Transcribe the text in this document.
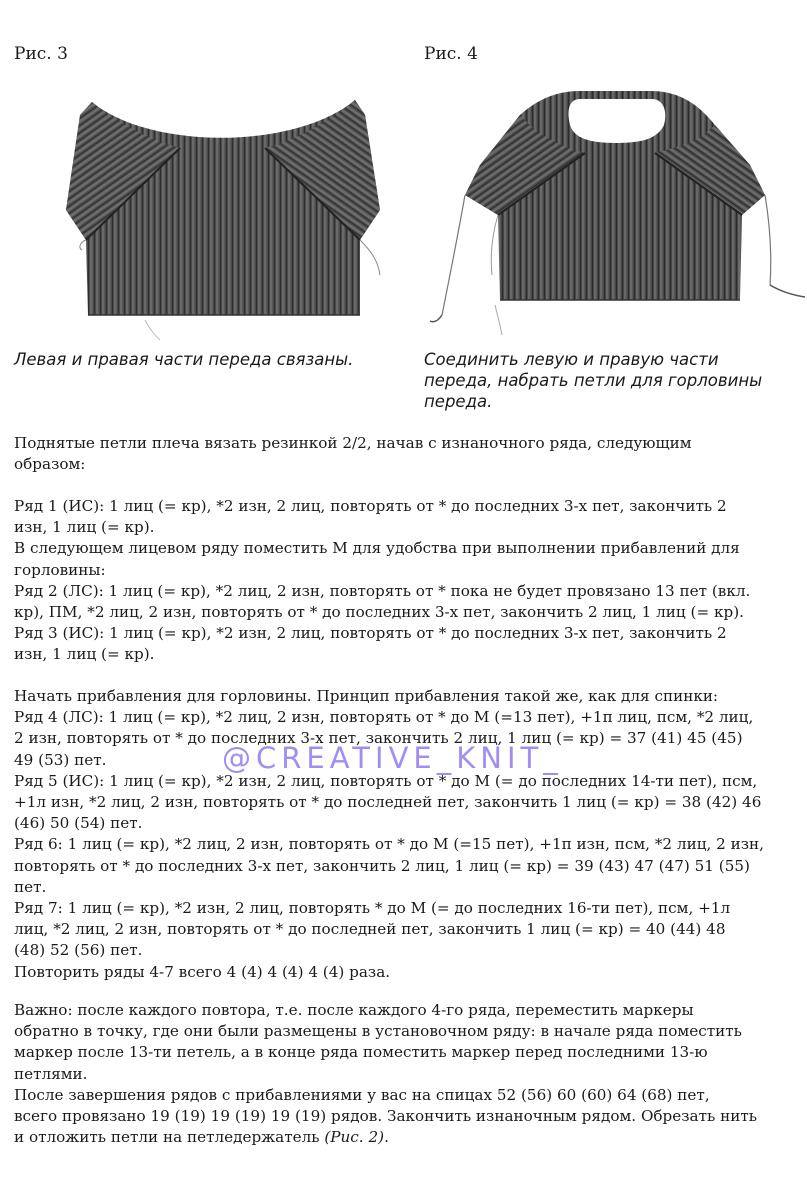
Рис. 3	Рис. 4
Левая и правая части переда связаны.	Соединить левую и правую части
переда, набрать петли для горловины
переда.
Поднятые петли плеча вязать резинкой 2/2, начав с изнаночного ряда, следующим
образом:
Ряд 1 (ИС): 1 лиц (= кр), *2 изн, 2 лиц, повторять от * до последних 3-х пет, закончить 2
изн, 1 лиц (= кр).
В следующем лицевом ряду поместить М для удобства при выполнении прибавлений для
горловины:
Ряд 2 (ЛС): 1 лиц (= кр), *2 лиц, 2 изн, повторять от * пока не будет провязано 13 пет (вкл.
кр), ПМ, *2 лиц, 2 изн, повторять от * до последних 3-х пет, закончить 2 лиц, 1 лиц (= кр).
Ряд 3 (ИС): 1 лиц (= кр), *2 изн, 2 лиц, повторять от * до последних 3-х пет, закончить 2
изн, 1 лиц (= кр).
Начать прибавления для горловины. Принцип прибавления такой же, как для спинки:
Ряд 4 (ЛС): 1 лиц (= кр), *2 лиц, 2 изн, повторять от * до М (=13 пет), +1п лиц, псм, *2 лиц,
2 изн, повторять от * до последних 3-х пет, закончить 2 лиц, 1 лиц (= кр) = 37 (41) 45 (45)
49 (53) пет.
Ряд 5 (ИС): 1 лиц (= кр), *2 изн, 2 лиц, повторять от * до М (= до последних 14-ти пет), псм,
+1л изн, *2 лиц, 2 изн, повторять от * до последней пет, закончить 1 лиц (= кр) = 38 (42) 46
(46) 50 (54) пет.
Ряд 6: 1 лиц (= кр), *2 лиц, 2 изн, повторять от * до М (=15 пет), +1п изн, псм, *2 лиц, 2 изн,
повторять от * до последних 3-х пет, закончить 2 лиц, 1 лиц (= кр) = 39 (43) 47 (47) 51 (55)
пет.
Ряд 7: 1 лиц (= кр), *2 изн, 2 лиц, повторять * до М (= до последних 16-ти пет), псм, +1л
лиц, *2 лиц, 2 изн, повторять от * до последней пет, закончить 1 лиц (= кр) = 40 (44) 48
(48) 52 (56) пет.
Повторить ряды 4-7 всего 4 (4) 4 (4) 4 (4) раза.
Важно: после каждого повтора, т.е. после каждого 4-го ряда, переместить маркеры
обратно в точку, где они были размещены в установочном ряду: в начале ряда поместить
маркер после 13-ти петель, а в конце ряда поместить маркер перед последними 13-ю
петлями.
После завершения рядов с прибавлениями у вас на спицах 52 (56) 60 (60) 64 (68) пет,
всего провязано 19 (19) 19 (19) 19 (19) рядов. Закончить изнаночным рядом. Обрезать нить
и отложить петли на петледержатель (Рис. 2).
@CREATIVE_KNIT_
